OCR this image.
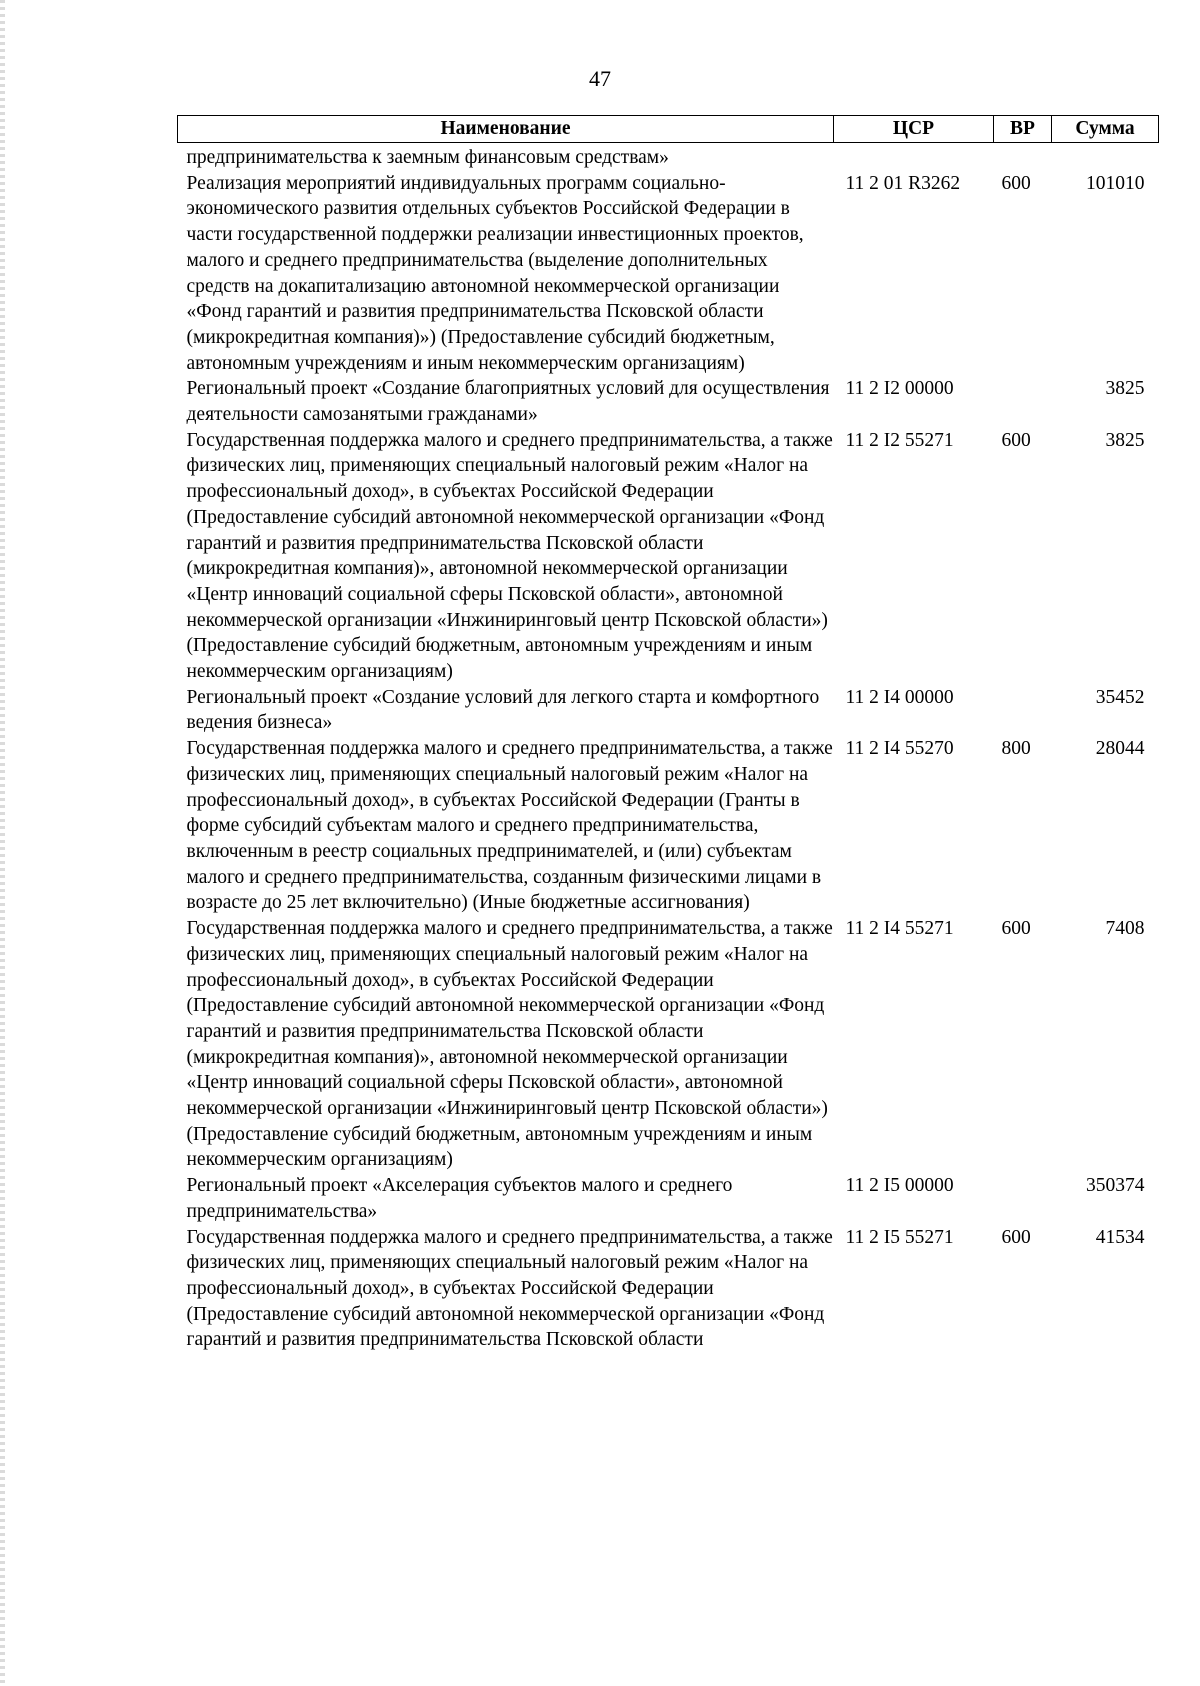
47
Наименование	ЦСР	ВР	Сумма
предпринимательства к заемным финансовым средствам»			
Реализация мероприятий индивидуальных программ социально-экономического развития отдельных субъектов Российской Федерации в части государственной поддержки реализации инвестиционных проектов, малого и среднего предпринимательства (выделение дополнительных средств на докапитализацию автономной некоммерческой организации «Фонд гарантий и развития предпринимательства Псковской области (микрокредитная компания)») (Предоставление субсидий бюджетным, автономным учреждениям и иным некоммерческим организациям)	11 2 01 R3262	600	101010
Региональный проект «Создание благоприятных условий для осуществления деятельности самозанятыми гражданами»	11 2 I2 00000		3825
Государственная поддержка малого и среднего предпринимательства, а также физических лиц, применяющих специальный налоговый режим «Налог на профессиональный доход», в субъектах Российской Федерации (Предоставление субсидий автономной некоммерческой организации «Фонд гарантий и развития предпринимательства Псковской области (микрокредитная компания)», автономной некоммерческой организации «Центр инноваций социальной сферы Псковской области», автономной некоммерческой организации «Инжиниринговый центр Псковской области») (Предоставление субсидий бюджетным, автономным учреждениям и иным некоммерческим организациям)	11 2 I2 55271	600	3825
Региональный проект «Создание условий для легкого старта и комфортного ведения бизнеса»	11 2 I4 00000		35452
Государственная поддержка малого и среднего предпринимательства, а также физических лиц, применяющих специальный налоговый режим «Налог на профессиональный доход», в субъектах Российской Федерации (Гранты в форме субсидий субъектам малого и среднего предпринимательства, включенным в реестр социальных предпринимателей, и (или) субъектам малого и среднего предпринимательства, созданным физическими лицами в возрасте до 25 лет включительно) (Иные бюджетные ассигнования)	11 2 I4 55270	800	28044
Государственная поддержка малого и среднего предпринимательства, а также физических лиц, применяющих специальный налоговый режим «Налог на профессиональный доход», в субъектах Российской Федерации (Предоставление субсидий автономной некоммерческой организации «Фонд гарантий и развития предпринимательства Псковской области (микрокредитная компания)», автономной некоммерческой организации «Центр инноваций социальной сферы Псковской области», автономной некоммерческой организации «Инжиниринговый центр Псковской области») (Предоставление субсидий бюджетным, автономным учреждениям и иным некоммерческим организациям)	11 2 I4 55271	600	7408
Региональный проект «Акселерация субъектов малого и среднего предпринимательства»	11 2 I5 00000		350374
Государственная поддержка малого и среднего предпринимательства, а также физических лиц, применяющих специальный налоговый режим «Налог на профессиональный доход», в субъектах Российской Федерации (Предоставление субсидий автономной некоммерческой организации «Фонд гарантий и развития предпринимательства Псковской области	11 2 I5 55271	600	41534
